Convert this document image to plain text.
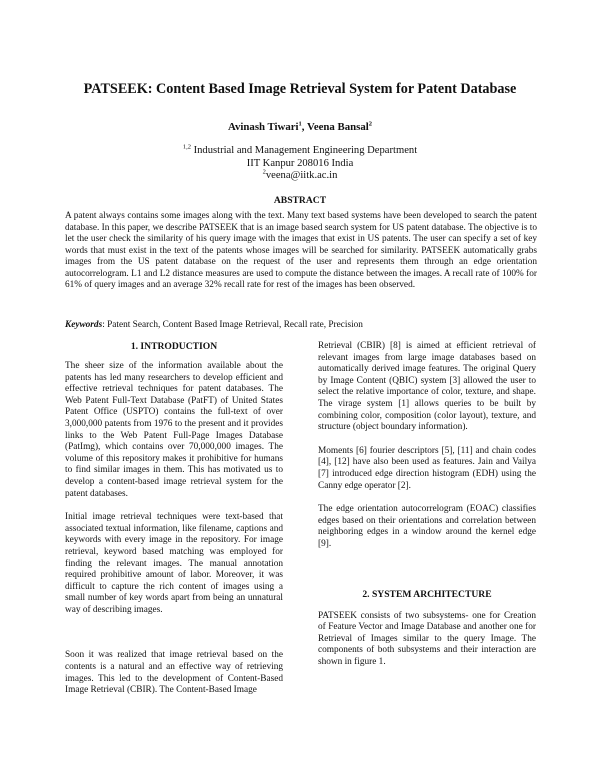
PATSEEK: Content Based Image Retrieval System for Patent Database
Avinash Tiwari$^1$, Veena Bansal$^2$
$^{1,2}$ Industrial and Management Engineering Department
IIT Kanpur 208016 India
$^2$veena@iitk.ac.in
ABSTRACT
A patent always contains some images along with the text. Many text based systems have been developed to search the patent database. In this paper, we describe PATSEEK that is an image based search system for US patent database. The objective is to let the user check the similarity of his query image with the images that exist in US patents. The user can specify a set of key words that must exist in the text of the patents whose images will be searched for similarity. PATSEEK automatically grabs images from the US patent database on the request of the user and represents them through an edge orientation autocorrelogram. L1 and L2 distance measures are used to compute the distance between the images. A recall rate of 100% for 61% of query images and an average 32% recall rate for rest of the images has been observed.
Keywords: Patent Search, Content Based Image Retrieval, Recall rate, Precision
1. INTRODUCTION

The sheer size of the information available about the patents has led many researchers to develop efficient and effective retrieval techniques for patent databases. The Web Patent Full-Text Database (PatFT) of United States Patent Office (USPTO) contains the full-text of over 3,000,000 patents from 1976 to the present and it provides links to the Web Patent Full-Page Images Database (PatImg), which contains over 70,000,000 images. The volume of this repository makes it prohibitive for humans to find similar images in them. This has motivated us to develop a content-based image retrieval system for the patent databases.

Initial image retrieval techniques were text-based that associated textual information, like filename, captions and keywords with every image in the repository. For image retrieval, keyword based matching was employed for finding the relevant images. The manual annotation required prohibitive amount of labor. Moreover, it was difficult to capture the rich content of images using a small number of key words apart from being an unnatural way of describing images.

Soon it was realized that image retrieval based on the contents is a natural and an effective way of retrieving images. This led to the development of Content-Based Image Retrieval (CBIR). The Content-Based Image

Retrieval (CBIR) [8] is aimed at efficient retrieval of relevant images from large image databases based on automatically derived image features. The original Query by Image Content (QBIC) system [3] allowed the user to select the relative importance of color, texture, and shape. The virage system [1] allows queries to be built by combining color, composition (color layout), texture, and structure (object boundary information).

Moments [6] fourier descriptors [5], [11] and chain codes [4], [12] have also been used as features. Jain and Vailya [7] introduced edge direction histogram (EDH) using the Canny edge operator [2].

The edge orientation autocorrelogram (EOAC) classifies edges based on their orientations and correlation between neighboring edges in a window around the kernel edge [9].

2. SYSTEM ARCHITECTURE

PATSEEK consists of two subsystems- one for Creation of Feature Vector and Image Database and another one for Retrieval of Images similar to the query Image. The components of both subsystems and their interaction are shown in figure 1.
